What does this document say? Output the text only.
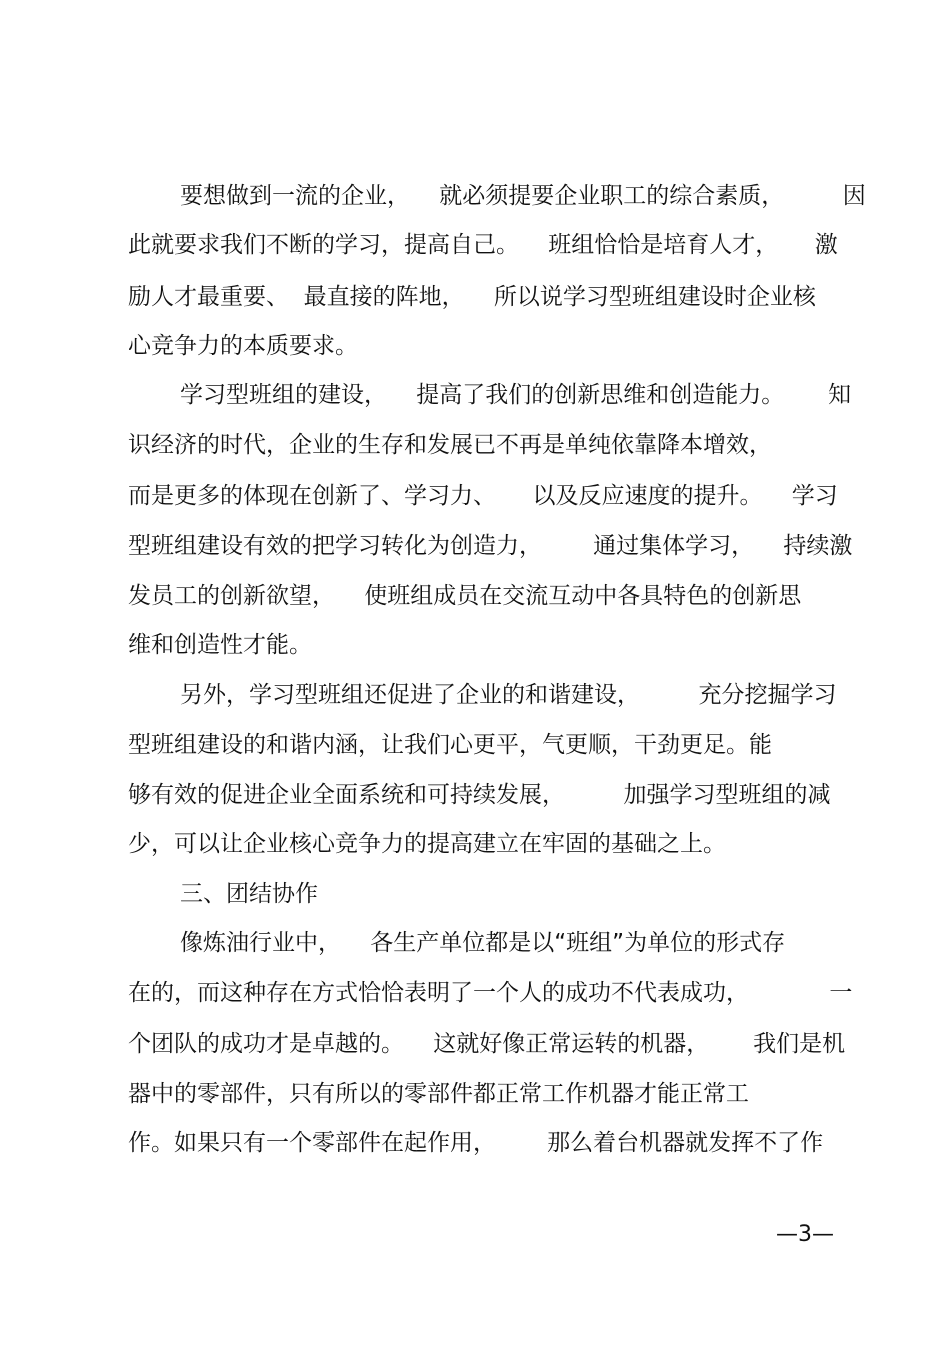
要想做到一流的企业，    就必须提要企业职工的综合素质，        因
此就要求我们不断的学习，提高自己。    班组恰恰是培育人才，     激
励人才最重要、  最直接的阵地，    所以说学习型班组建设时企业核
心竞争力的本质要求。
学习型班组的建设，    提高了我们的创新思维和创造能力。      知
识经济的时代，企业的生存和发展已不再是单纯依靠降本增效，
而是更多的体现在创新了、学习力、     以及反应速度的提升。    学习
型班组建设有效的把学习转化为创造力，       通过集体学习，    持续激
发员工的创新欲望，    使班组成员在交流互动中各具特色的创新思
维和创造性才能。
另外，学习型班组还促进了企业的和谐建设，        充分挖掘学习
型班组建设的和谐内涵，让我们心更平，气更顺，干劲更足。能
够有效的促进企业全面系统和可持续发展，        加强学习型班组的减
少，可以让企业核心竞争力的提高建立在牢固的基础之上。
三、团结协作
像炼油行业中，    各生产单位都是以“班组”为单位的形式存
在的，而这种存在方式恰恰表明了一个人的成功不代表成功，           一
个团队的成功才是卓越的。    这就好像正常运转的机器，      我们是机
器中的零部件，只有所以的零部件都正常工作机器才能正常工
作。如果只有一个零部件在起作用，       那么着台机器就发挥不了作
—3—
